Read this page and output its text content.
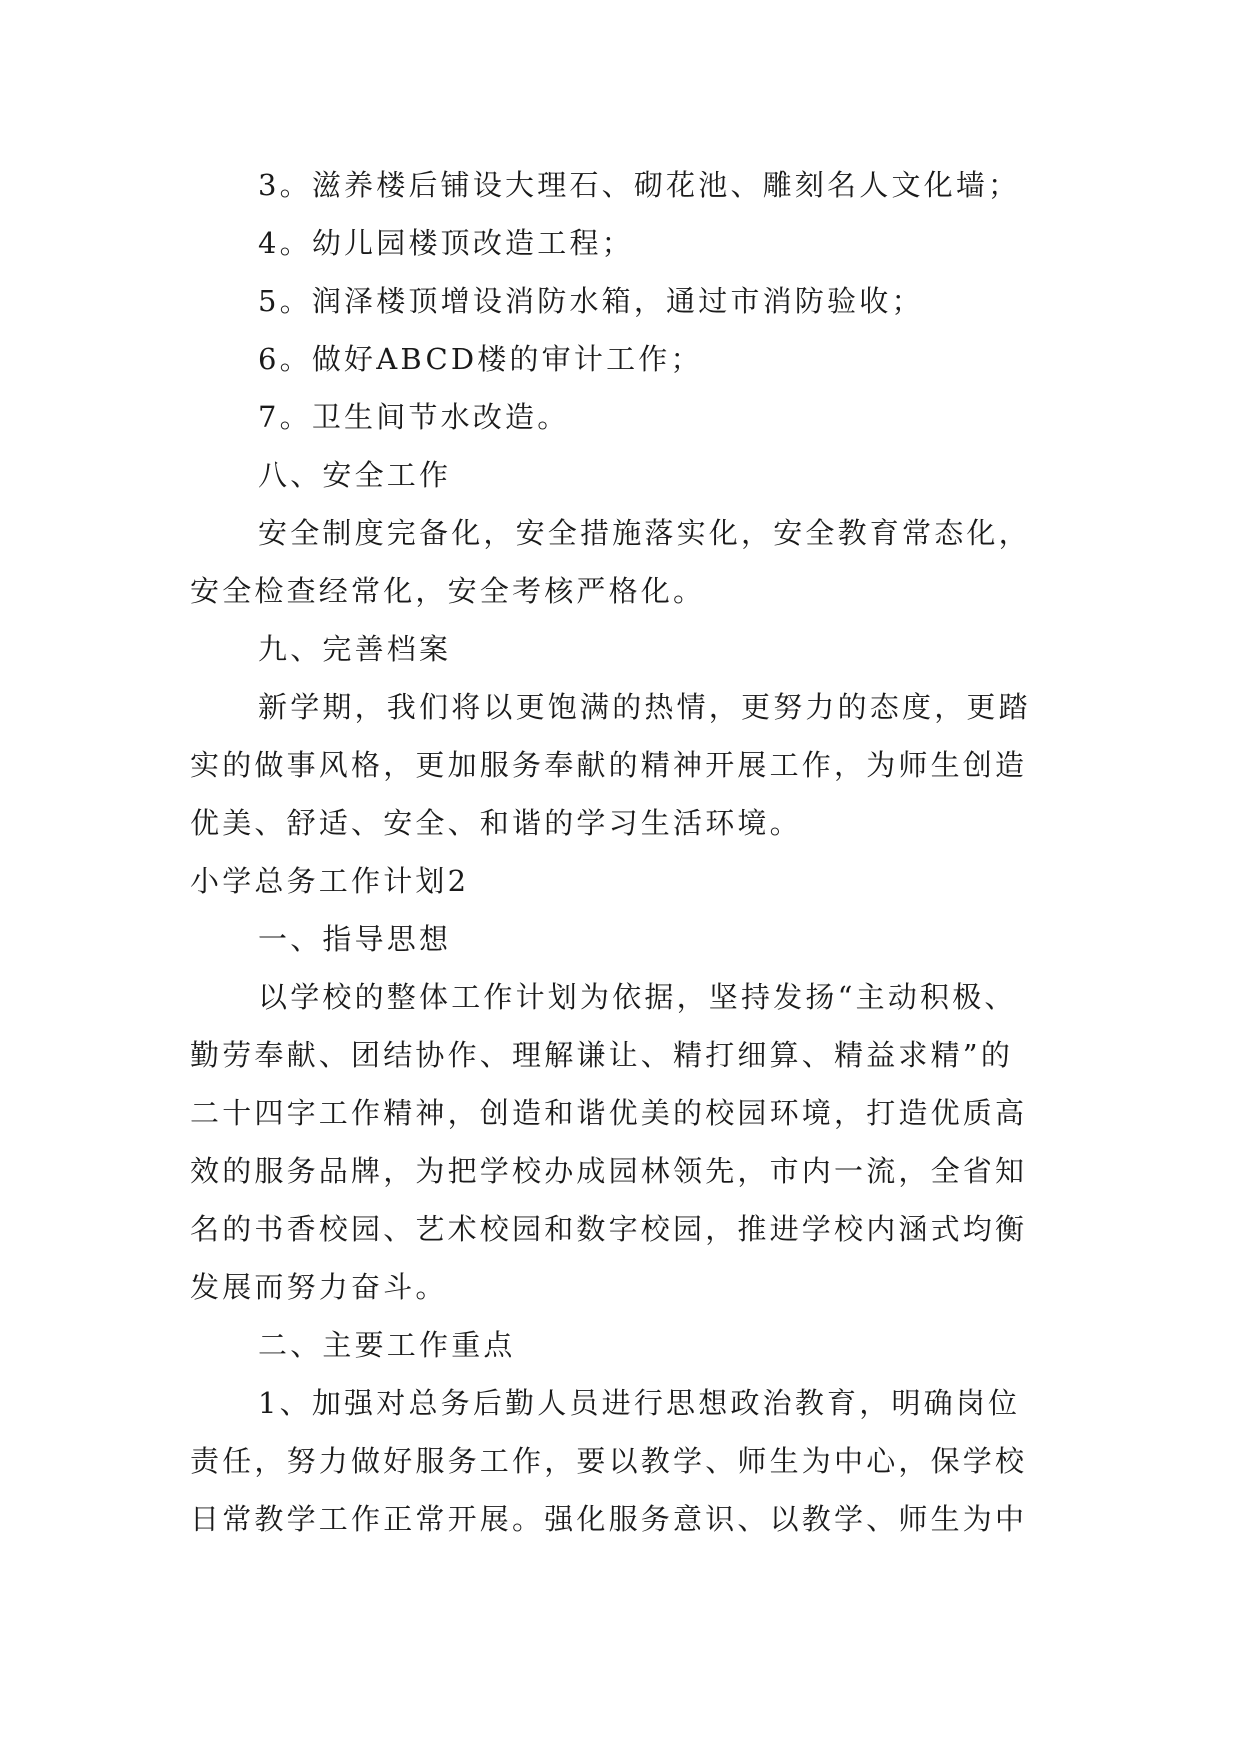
3。滋养楼后铺设大理石、砌花池、雕刻名人文化墙；
4。幼儿园楼顶改造工程；
5。润泽楼顶增设消防水箱，通过市消防验收；
6。做好ABCD楼的审计工作；
7。卫生间节水改造。
八、安全工作
安全制度完备化，安全措施落实化，安全教育常态化，
安全检查经常化，安全考核严格化。
九、完善档案
新学期，我们将以更饱满的热情，更努力的态度，更踏
实的做事风格，更加服务奉献的精神开展工作，为师生创造
优美、舒适、安全、和谐的学习生活环境。
小学总务工作计划2
一、指导思想
以学校的整体工作计划为依据，坚持发扬“主动积极、
勤劳奉献、团结协作、理解谦让、精打细算、精益求精”的
二十四字工作精神，创造和谐优美的校园环境，打造优质高
效的服务品牌，为把学校办成园林领先，市内一流，全省知
名的书香校园、艺术校园和数字校园，推进学校内涵式均衡
发展而努力奋斗。
二、主要工作重点
1、加强对总务后勤人员进行思想政治教育，明确岗位
责任，努力做好服务工作，要以教学、师生为中心，保学校
日常教学工作正常开展。强化服务意识、以教学、师生为中
